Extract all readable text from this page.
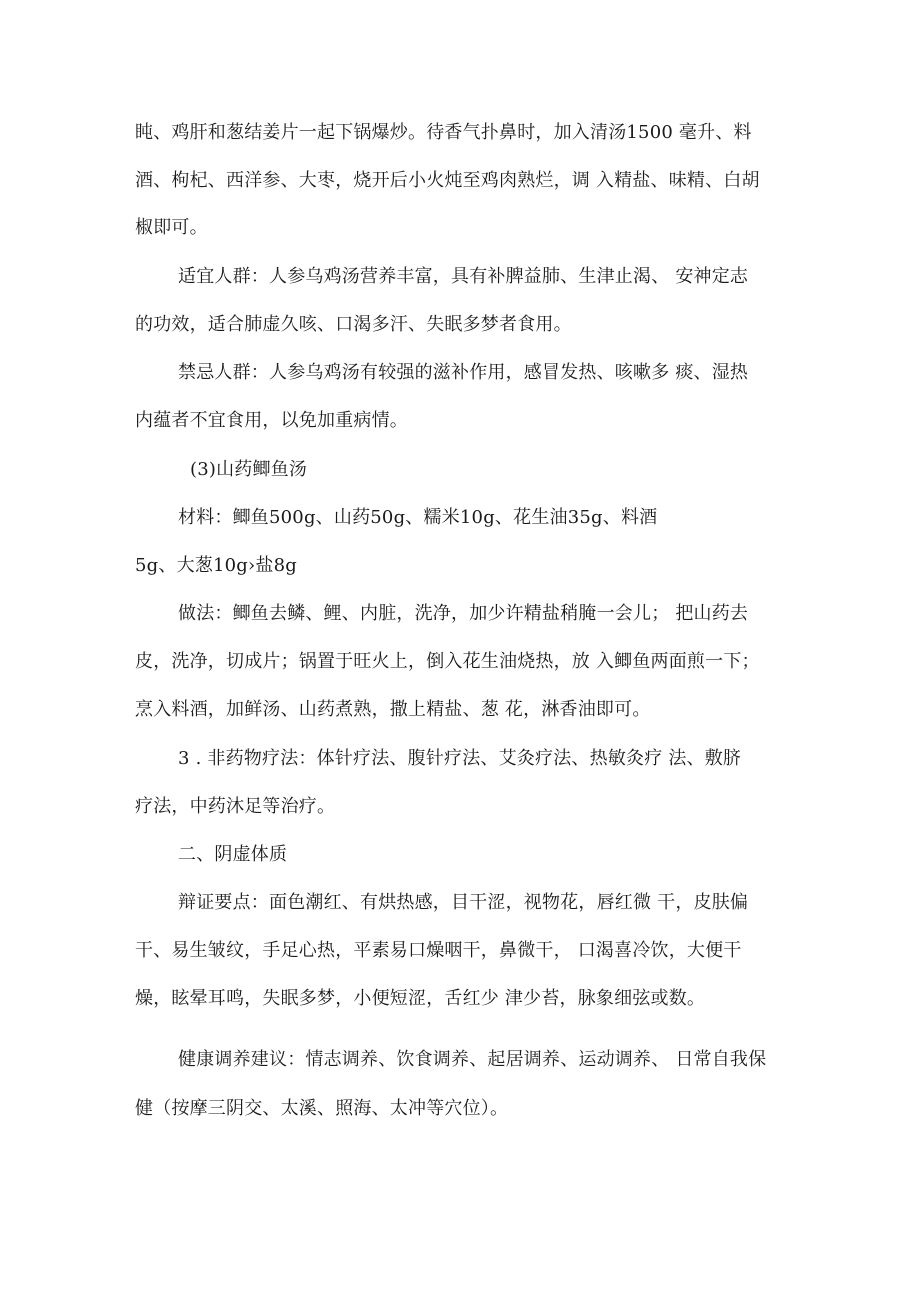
盹、鸡肝和葱结姜片一起下锅爆炒。待香气扑鼻时，加入清汤1500 毫升、料
酒、枸杞、西洋参、大枣，烧开后小火炖至鸡肉熟烂，调 入精盐、味精、白胡
椒即可。
适宜人群：人参乌鸡汤营养丰富，具有补脾益肺、生津止渴、 安神定志
的功效，适合肺虚久咳、口渴多汗、失眠多梦者食用。
禁忌人群：人参乌鸡汤有较强的滋补作用，感冒发热、咳嗽多 痰、湿热
内蕴者不宜食用，以免加重病情。
(3)山药鲫鱼汤
材料：鲫鱼500g、山药50g、糯米10g、花生油35g、料酒
5g、大葱10g›盐8g
做法：鲫鱼去鳞、鲤、内脏，洗净，加少许精盐稍腌一会儿； 把山药去
皮，洗净，切成片；锅置于旺火上，倒入花生油烧热，放 入鲫鱼两面煎一下；
烹入料酒，加鲜汤、山药煮熟，撒上精盐、葱 花，淋香油即可。
3 . 非药物疗法：体针疗法、腹针疗法、艾灸疗法、热敏灸疗 法、敷脐
疗法，中药沐足等治疗。
二、阴虚体质
辩证要点：面色潮红、有烘热感，目干涩，视物花，唇红微 干，皮肤偏
干、易生皱纹，手足心热，平素易口燥咽干，鼻微干， 口渴喜冷饮，大便干
燥，眩晕耳鸣，失眠多梦，小便短涩，舌红少 津少苔，脉象细弦或数。
健康调养建议：情志调养、饮食调养、起居调养、运动调养、 日常自我保
健（按摩三阴交、太溪、照海、太冲等穴位）。
